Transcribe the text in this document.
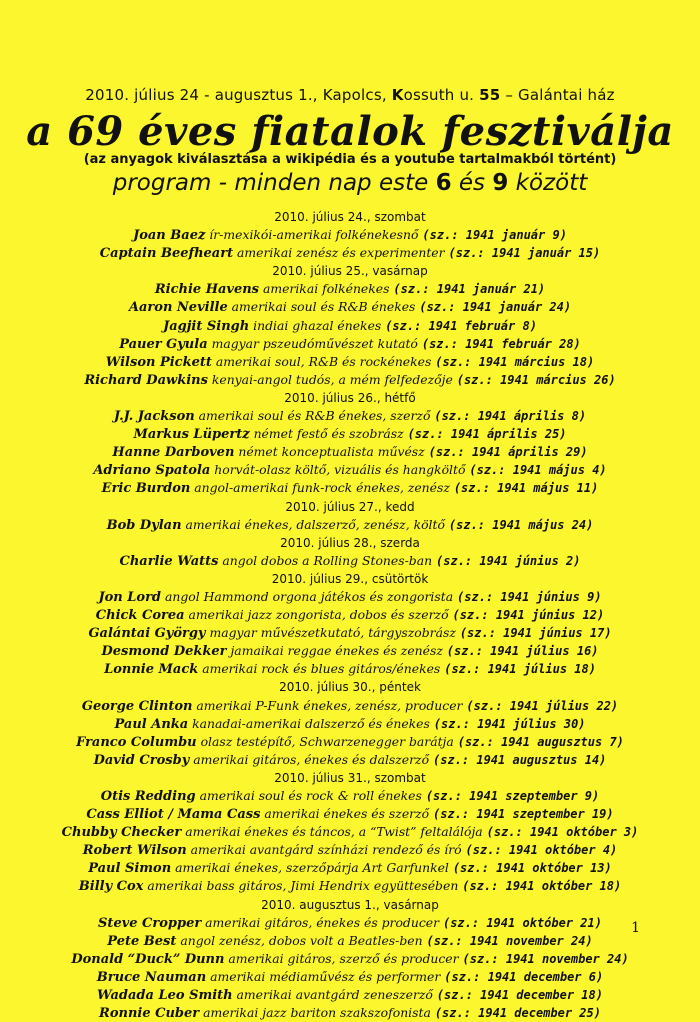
2010. július 24 - augusztus 1., Kapolcs, Kossuth u. 55 – Galántai ház
a 69 éves fiatalok fesztiválja
(az anyagok kiválasztása a wikipédia és a youtube tartalmakból történt)
program - minden nap este 6 és 9 között
2010. július 24., szombat
Joan Baez ír-mexikói-amerikai folkénekesnő (sz.: 1941 január 9)
Captain Beefheart amerikai zenész és experimenter (sz.: 1941 január 15)
2010. július 25., vasárnap
Richie Havens amerikai folkénekes (sz.: 1941 január 21)
Aaron Neville amerikai soul és R&B énekes (sz.: 1941 január 24)
Jagjit Singh indiai ghazal énekes (sz.: 1941 február 8)
Pauer Gyula magyar pszeudóművészet kutató (sz.: 1941 február 28)
Wilson Pickett amerikai soul, R&B és rockénekes (sz.: 1941 március 18)
Richard Dawkins kenyai-angol tudós, a mém felfedezője (sz.: 1941 március 26)
2010. július 26., hétfő
J.J. Jackson amerikai soul és R&B énekes, szerző (sz.: 1941 április 8)
Markus Lüpertz német festő és szobrász (sz.: 1941 április 25)
Hanne Darboven német konceptualista művész (sz.: 1941 április 29)
Adriano Spatola horvát-olasz költő, vizuális és hangköltő (sz.: 1941 május 4)
Eric Burdon angol-amerikai funk-rock énekes, zenész (sz.: 1941 május 11)
2010. július 27., kedd
Bob Dylan amerikai énekes, dalszerző, zenész, költő (sz.: 1941 május 24)
2010. július 28., szerda
Charlie Watts angol dobos a Rolling Stones-ban (sz.: 1941 június 2)
2010. július 29., csütörtök
Jon Lord angol Hammond orgona játékos és zongorista (sz.: 1941 június 9)
Chick Corea amerikai jazz zongorista, dobos és szerző (sz.: 1941 június 12)
Galántai György magyar művészetkutató, tárgyszobrász (sz.: 1941 június 17)
Desmond Dekker jamaikai reggae énekes és zenész (sz.: 1941 július 16)
Lonnie Mack amerikai rock és blues gitáros/énekes (sz.: 1941 július 18)
2010. július 30., péntek
George Clinton amerikai P-Funk énekes, zenész, producer (sz.: 1941 július 22)
Paul Anka kanadai-amerikai dalszerző és énekes (sz.: 1941 július 30)
Franco Columbu olasz testépítő, Schwarzenegger barátja (sz.: 1941 augusztus 7)
David Crosby amerikai gitáros, énekes és dalszerző (sz.: 1941 augusztus 14)
2010. július 31., szombat
Otis Redding amerikai soul és rock & roll énekes (sz.: 1941 szeptember 9)
Cass Elliot / Mama Cass amerikai énekes és szerző (sz.: 1941 szeptember 19)
Chubby Checker amerikai énekes és táncos, a “Twist” feltalálója (sz.: 1941 október 3)
Robert Wilson amerikai avantgárd színházi rendező és író (sz.: 1941 október 4)
Paul Simon amerikai énekes, szerzőpárja Art Garfunkel (sz.: 1941 október 13)
Billy Cox amerikai bass gitáros, Jimi Hendrix együttesében (sz.: 1941 október 18)
2010. augusztus 1., vasárnap
Steve Cropper amerikai gitáros, énekes és producer (sz.: 1941 október 21)
Pete Best angol zenész, dobos volt a Beatles-ben (sz.: 1941 november 24)
Donald “Duck” Dunn amerikai gitáros, szerző és producer (sz.: 1941 november 24)
Bruce Nauman amerikai médiaművész és performer (sz.: 1941 december 6)
Wadada Leo Smith amerikai avantgárd zeneszerző (sz.: 1941 december 18)
Ronnie Cuber amerikai jazz bariton szakszofonista (sz.: 1941 december 25)
1
